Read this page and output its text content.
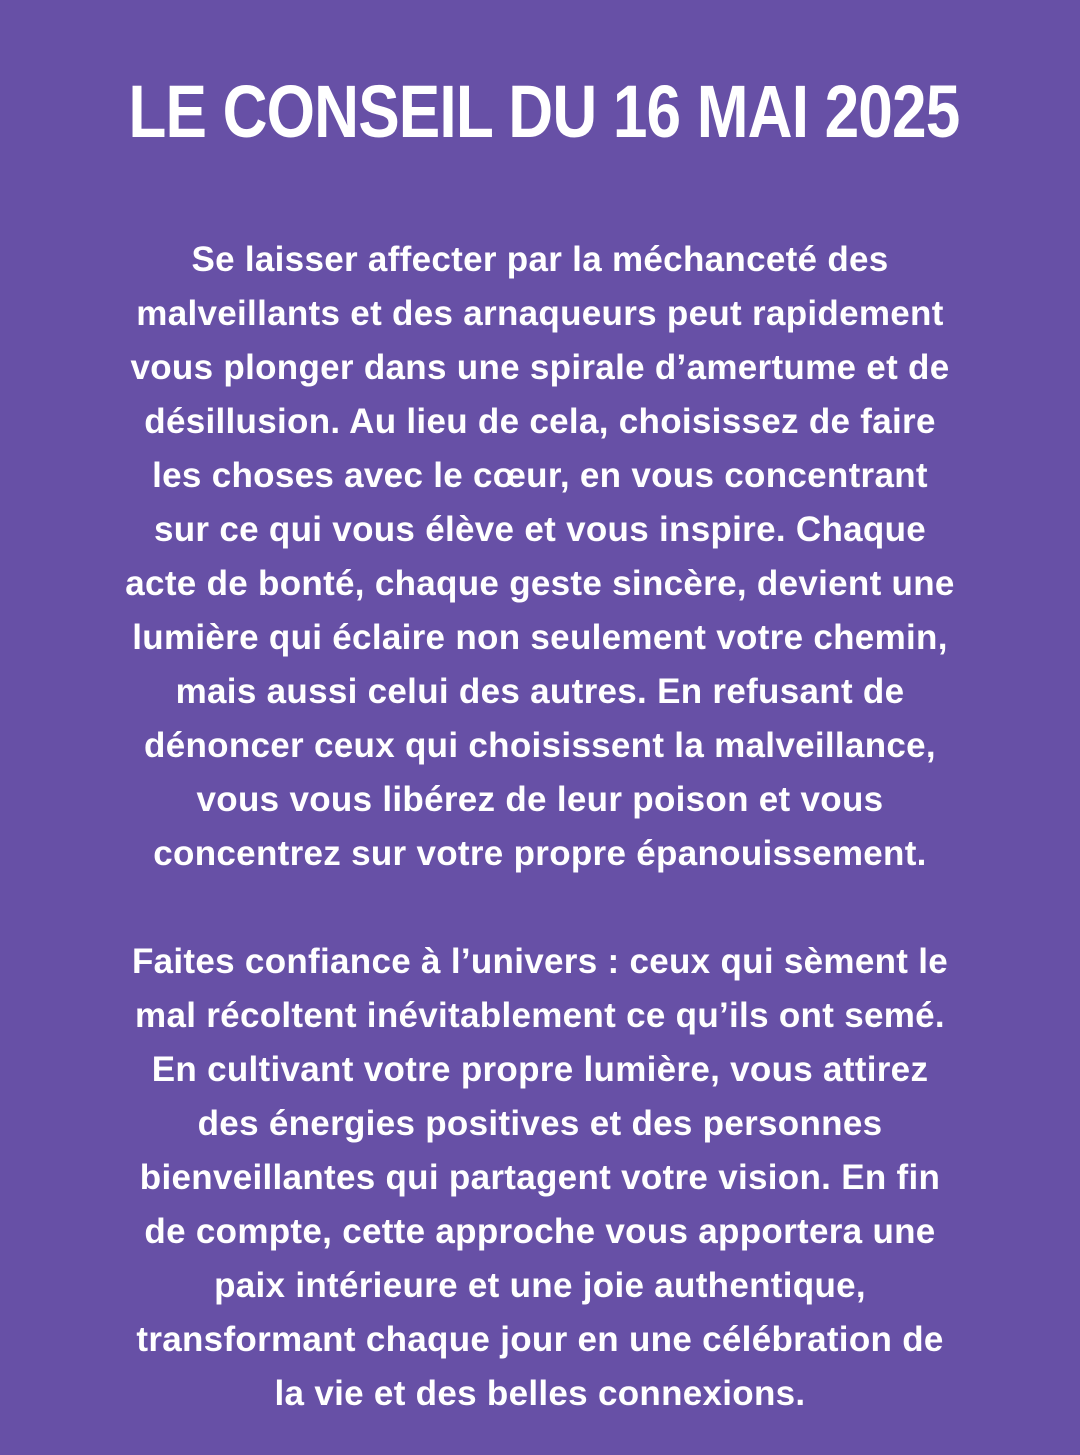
LE CONSEIL DU 16 MAI 2025

Se laisser affecter par la méchanceté des
malveillants et des arnaqueurs peut rapidement
vous plonger dans une spirale d’amertume et de
désillusion. Au lieu de cela, choisissez de faire
les choses avec le cœur, en vous concentrant
sur ce qui vous élève et vous inspire. Chaque
acte de bonté, chaque geste sincère, devient une
lumière qui éclaire non seulement votre chemin,
mais aussi celui des autres. En refusant de
dénoncer ceux qui choisissent la malveillance,
vous vous libérez de leur poison et vous
concentrez sur votre propre épanouissement.

Faites confiance à l’univers : ceux qui sèment le
mal récoltent inévitablement ce qu’ils ont semé.
En cultivant votre propre lumière, vous attirez
des énergies positives et des personnes
bienveillantes qui partagent votre vision. En fin
de compte, cette approche vous apportera une
paix intérieure et une joie authentique,
transformant chaque jour en une célébration de
la vie et des belles connexions.
